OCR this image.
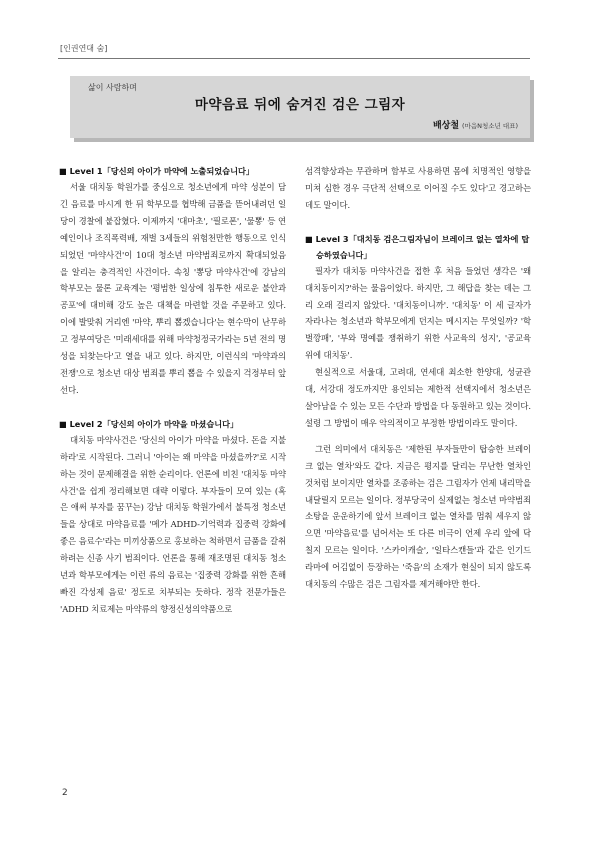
[인권연대 숨]
삶이 사람하며
마약음료 뒤에 숨겨진 검은 그림자
배상철 (마음N청소년 대표)

■ Level 1「당신의 아이가 마약에 노출되었습니다」

서울 대치동 학원가를 중심으로 청소년에게 마약 성분이 담긴 음료를 마시게 한 뒤 학부모를 협박해 금품을 뜯어내려던 일당이 경찰에 붙잡혔다. 이제까지 '대마초', '필로폰', '물뽕' 등 연예인이나 조직폭력배, 재벌 3세들의 위험천만한 행동으로 인식되었던 '마약사건'이 10대 청소년 마약범죄로까지 확대되었음을 알리는 충격적인 사건이다. 속칭 '뽕당 마약사건'에 강남의 학부모는 물론 교육계는 '평범한 일상에 침투한 새로운 불안과 공포'에 대비해 강도 높은 대책을 마련할 것을 주문하고 있다. 이에 발맞춰 거리엔 '마약, 뿌리 뽑겠습니다'는 현수막이 난무하고 정부여당은 '미래세대를 위해 마약청정국가라는 5년 전의 명성을 되찾는다'고 열을 내고 있다. 하지만, 이런식의 '마약과의 전쟁'으로 청소년 대상 범죄를 뿌리 뽑을 수 있을지 걱정부터 앞선다.

■ Level 2「당신의 아이가 마약을 마셨습니다」

대치동 마약사건은 '당신의 아이가 마약을 마셨다. 돈을 지불하라'로 시작된다. 그러니 '아이는 왜 마약을 마셨을까?'로 시작하는 것이 문제해결을 위한 순리이다. 언론에 비친 '대치동 마약사건'을 쉽게 정리해보면 대략 이렇다. 부자들이 모여 있는 (혹은 애써 부자를 꿈꾸는) 강남 대치동 학원가에서 불특정 청소년들을 상대로 마약음료를 '메가 ADHD-기억력과 집중력 강화에 좋은 음료수'라는 미끼상품으로 홍보하는 척하면서 금품을 갈취하려는 신종 사기 범죄이다. 언론을 통해 재조명된 대치동 청소년과 학부모에게는 이런 류의 음료는 '집중력 강화를 위한 흔해 빠진 각성제 음료' 정도로 치부되는 듯하다. 정작 전문가들은 'ADHD 치료제는 마약류의 향정신성의약품으로

섬격향상과는 무관하며 함부로 사용하면 몸에 치명적인 영향을 미쳐 심한 경우 극단적 선택으로 이어질 수도 있다'고 경고하는데도 말이다.

■ Level 3「대치동 검은그림자님이 브레이크 없는 열차에 탑승하였습니다」

필자가 대치동 마약사건을 접한 후 처음 들었던 생각은 '왜 대치동이지?'하는 물음이었다. 하지만, 그 해답을 찾는 데는 그리 오래 걸리지 않았다. '대치동이니까'. '대치동' 이 세 글자가 자라나는 청소년과 학부모에게 던지는 메시지는 무엇일까? '학벌깡패', '부와 명예를 쟁취하기 위한 사교육의 성지', '공교육 위에 대치동'.

현실적으로 서울대, 고려대, 연세대 최소한 한양대, 성균관대, 서강대 정도까지만 용인되는 제한적 선택지에서 청소년은 살아남을 수 있는 모든 수단과 방법을 다 동원하고 있는 것이다. 설령 그 방법이 매우 악의적이고 부정한 방법이라도 말이다.

그런 의미에서 대치동은 '제한된 부자들만이 탑승한 브레이크 없는 열차'와도 같다. 지금은 평지를 달리는 무난한 열차인 것처럼 보이지만 열차를 조종하는 검은 그림자가 언제 내리막을 내달릴지 모르는 일이다. 정부당국이 실제없는 청소년 마약범죄 소탕을 운운하기에 앞서 브레이크 없는 열차를 멈춰 세우지 않으면 '마약음료'를 넘어서는 또 다른 비극이 언제 우리 앞에 닥칠지 모르는 일이다. '스카이캐슬', '일타스캔들'과 같은 인기드라마에 어김없이 등장하는 '죽음'의 소재가 현실이 되지 않도록 대치동의 수많은 검은 그림자를 제거해야만 한다.

2
